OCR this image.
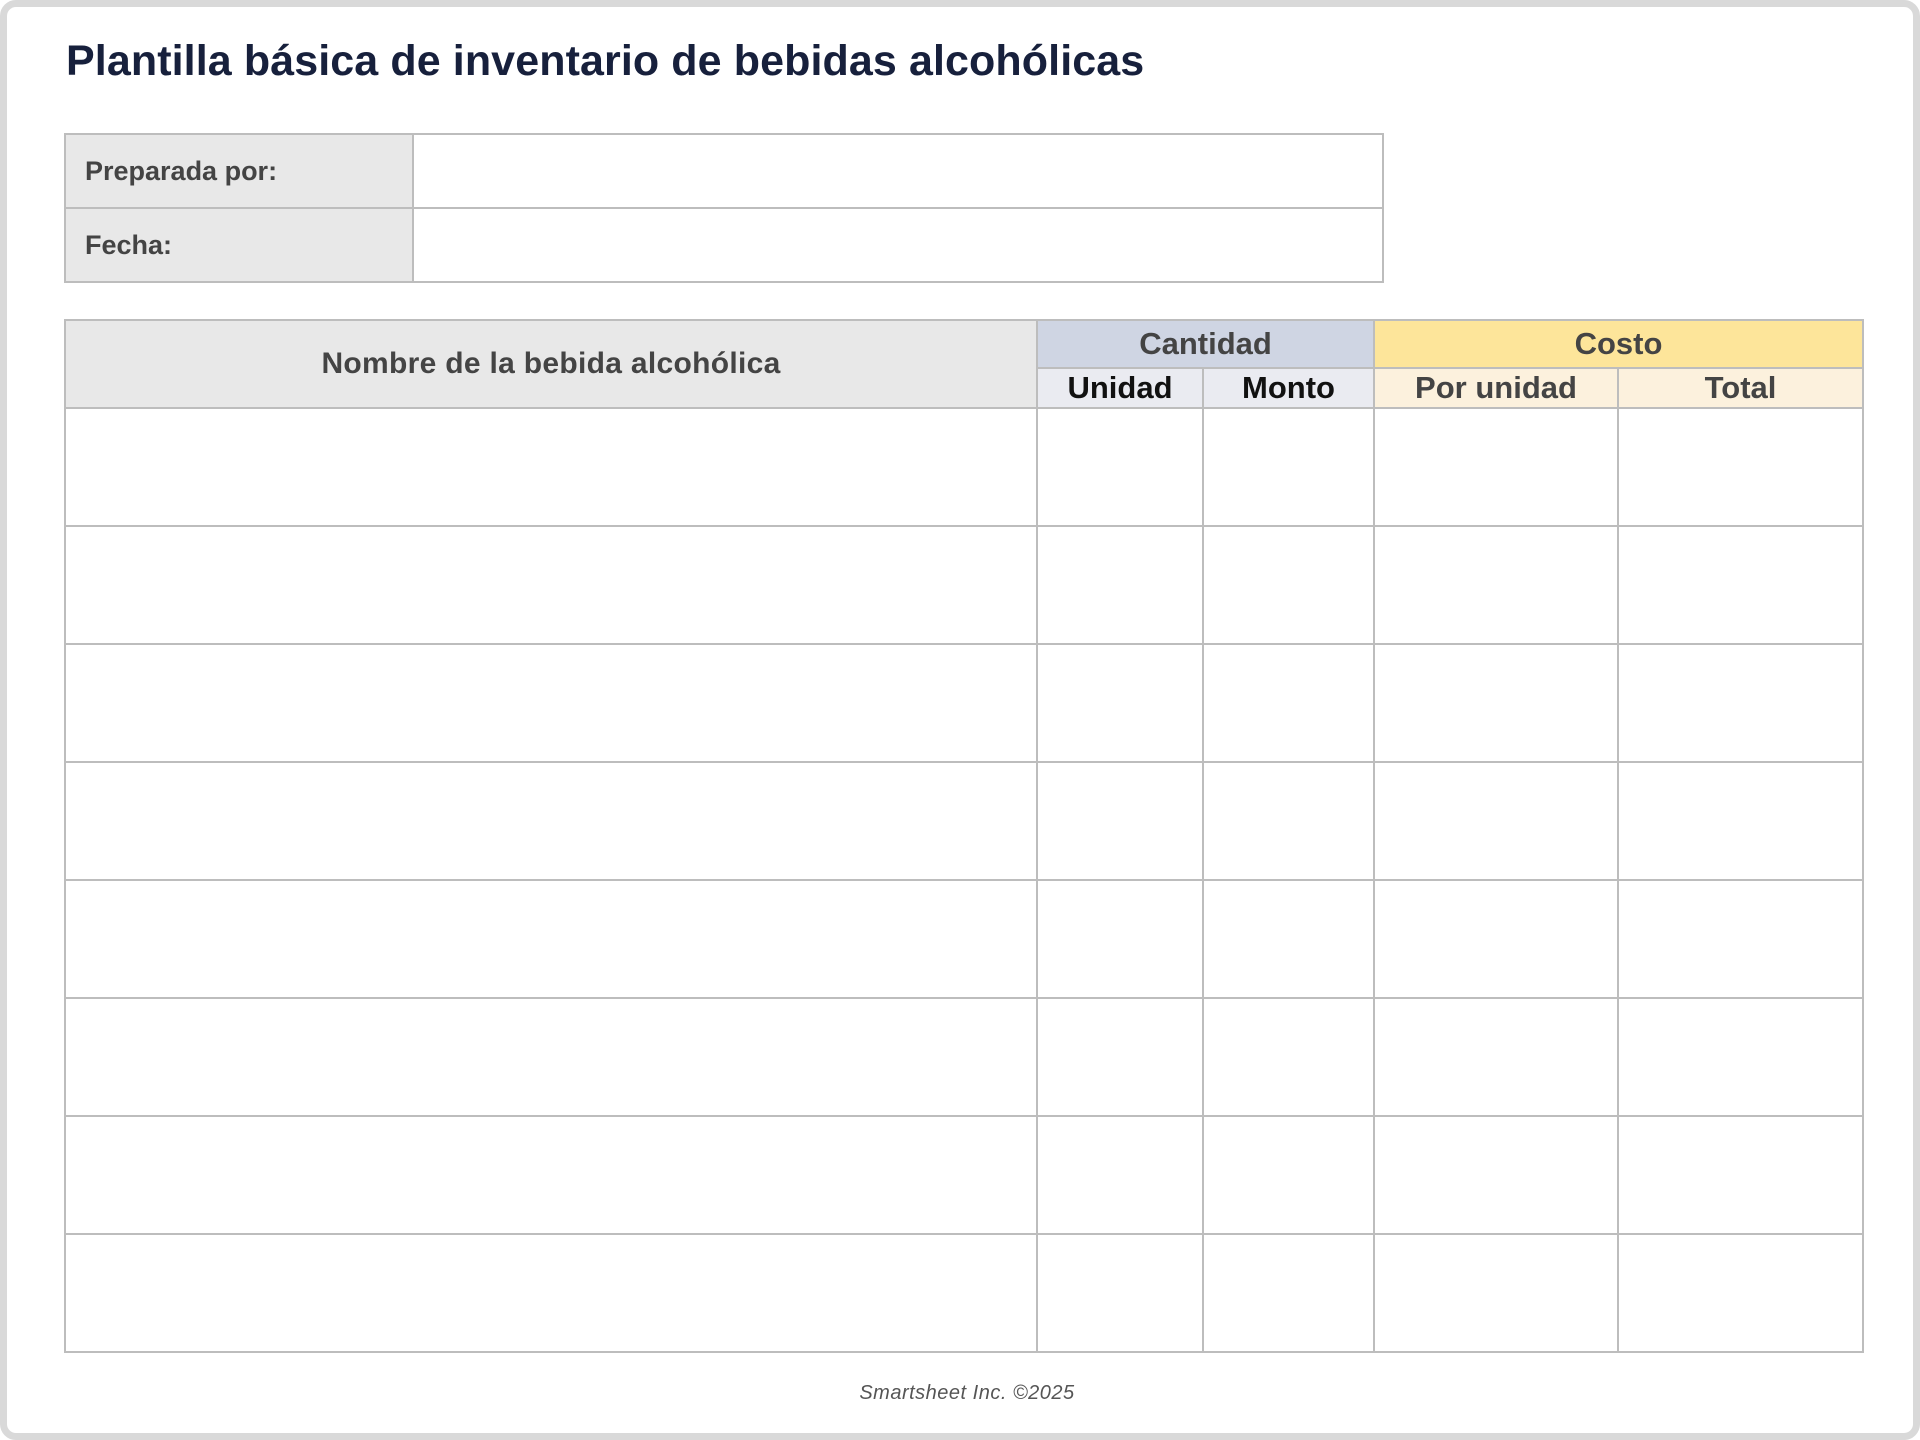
Plantilla básica de inventario de bebidas alcohólicas
Preparada por:	
Fecha:	
Nombre de la bebida alcohólica	Cantidad		Costo	
	Unidad	Monto	Por unidad	Total

Smartsheet Inc. ©2025
